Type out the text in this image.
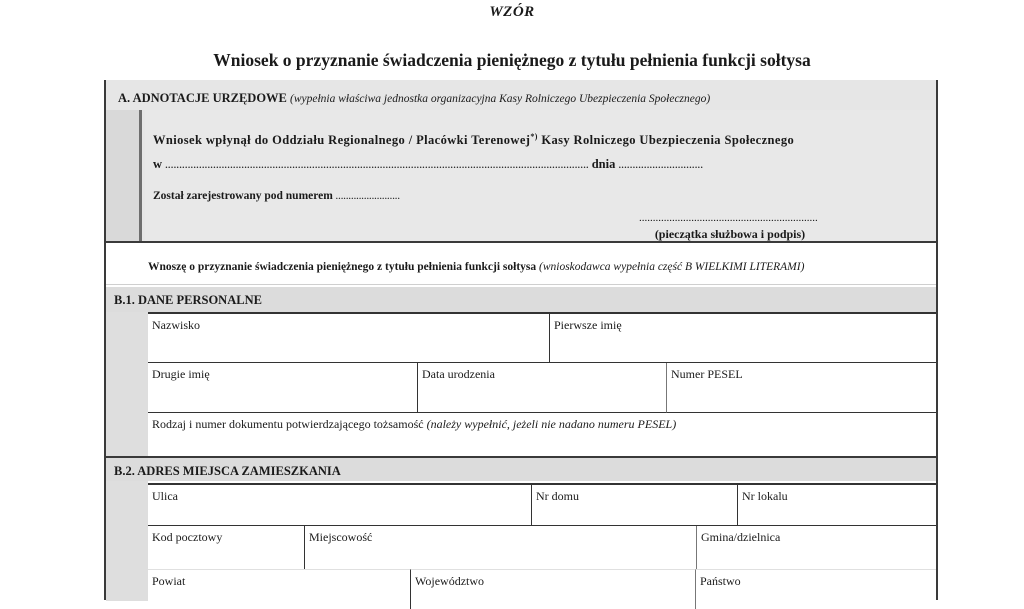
WZÓR
Wniosek o przyznanie świadczenia pieniężnego z tytułu pełnienia funkcji sołtysa
A. ADNOTACJE URZĘDOWE (wypełnia właściwa jednostka organizacyjna Kasy Rolniczego Ubezpieczenia Społecznego)
Wniosek wpłynął do Oddziału Regionalnego / Placówki Terenowej*) Kasy Rolniczego Ubezpieczenia Społecznego
w ...................................................................................................................................................... dnia ..............................
Został zarejestrowany pod numerem .........................
.................................................................
(pieczątka służbowa i podpis)
Wnoszę o przyznanie świadczenia pieniężnego z tytułu pełnienia funkcji sołtysa (wnioskodawca wypełnia część B WIELKIMI LITERAMI)
B.1. DANE PERSONALNE
Nazwisko	Pierwsze imię
Drugie imię	Data urodzenia	Numer PESEL
Rodzaj i numer dokumentu potwierdzającego tożsamość (należy wypełnić, jeżeli nie nadano numeru PESEL)
B.2. ADRES MIEJSCA ZAMIESZKANIA
Ulica	Nr domu	Nr lokalu
Kod pocztowy	Miejscowość	Gmina/dzielnica
Powiat	Województwo	Państwo
